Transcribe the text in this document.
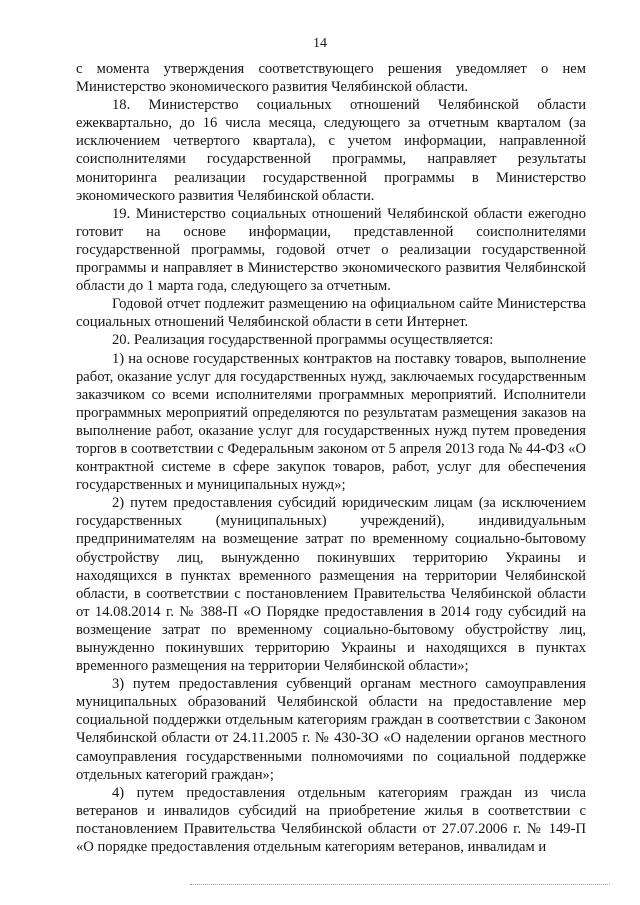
14

с момента утверждения соответствующего решения уведомляет о нем Министерство экономического развития Челябинской области.

18. Министерство социальных отношений Челябинской области ежеквартально, до 16 числа месяца, следующего за отчетным кварталом (за исключением четвертого квартала), с учетом информации, направленной соисполнителями государственной программы, направляет результаты мониторинга реализации государственной программы в Министерство экономического развития Челябинской области.

19. Министерство социальных отношений Челябинской области ежегодно готовит на основе информации, представленной соисполнителями государственной программы, годовой отчет о реализации государственной программы и направляет в Министерство экономического развития Челябинской области до 1 марта года, следующего за отчетным.

Годовой отчет подлежит размещению на официальном сайте Министерства социальных отношений Челябинской области в сети Интернет.

20. Реализация государственной программы осуществляется:

1) на основе государственных контрактов на поставку товаров, выполнение работ, оказание услуг для государственных нужд, заключаемых государственным заказчиком со всеми исполнителями программных мероприятий. Исполнители программных мероприятий определяются по результатам размещения заказов на выполнение работ, оказание услуг для государственных нужд путем проведения торгов в соответствии с Федеральным законом от 5 апреля 2013 года № 44-ФЗ «О контрактной системе в сфере закупок товаров, работ, услуг для обеспечения государственных и муниципальных нужд»;

2) путем предоставления субсидий юридическим лицам (за исключением государственных (муниципальных) учреждений), индивидуальным предпринимателям на возмещение затрат по временному социально-бытовому обустройству лиц, вынужденно покинувших территорию Украины и находящихся в пунктах временного размещения на территории Челябинской области, в соответствии с постановлением Правительства Челябинской области от 14.08.2014 г. № 388-П «О Порядке предоставления в 2014 году субсидий на возмещение затрат по временному социально-бытовому обустройству лиц, вынужденно покинувших территорию Украины и находящихся в пунктах временного размещения на территории Челябинской области»;

3) путем предоставления субвенций органам местного самоуправления муниципальных образований Челябинской области на предоставление мер социальной поддержки отдельным категориям граждан в соответствии с Законом Челябинской области от 24.11.2005 г. № 430-ЗО «О наделении органов местного самоуправления государственными полномочиями по социальной поддержке отдельных категорий граждан»;

4) путем предоставления отдельным категориям граждан из числа ветеранов и инвалидов субсидий на приобретение жилья в соответствии с постановлением Правительства Челябинской области от 27.07.2006 г. № 149-П «О порядке предоставления отдельным категориям ветеранов, инвалидам и
